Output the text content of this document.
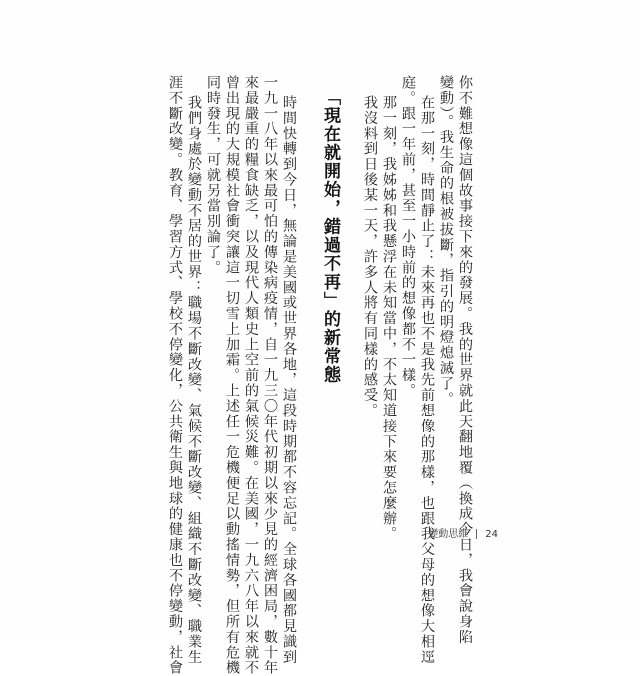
你不難想像這個故事接下來的發展。我的世界就此天翻地覆（換成今日，我會說身陷
變動）。我生命的根被拔斷，指引的明燈熄滅了。
在那一刻，時間靜止了：未來再也不是我先前想像的那樣，也跟我父母的想像大相逕
庭。跟一年前，甚至一小時前的想像都不一樣。
那一刻，我姊姊和我懸浮在未知當中，不太知道接下來要怎麼辦。
我沒料到日後某一天，許多人將有同樣的感受。
「現在就開始，錯過不再」的新常態
時間快轉到今日，無論是美國或世界各地，這段時期都不容忘記。全球各國都見識到
一九一八年以來最可怕的傳染病疫情，自一九三〇年代初期以來少見的經濟困局，數十年
來最嚴重的糧食缺乏，以及現代人類史上空前的氣候災難。在美國，一九六八年以來就不
曾出現的大規模社會衝突讓這一切雪上加霜。上述任一危機便足以動搖情勢，但所有危機
同時發生，可就另當別論了。
我們身處於變動不居的世界：職場不斷改變、氣候不斷改變、組織不斷改變、職業生
涯不斷改變。教育、學習方式、學校不停變化，公共衛生與地球的健康也不停變動，社會	變動思維 24
